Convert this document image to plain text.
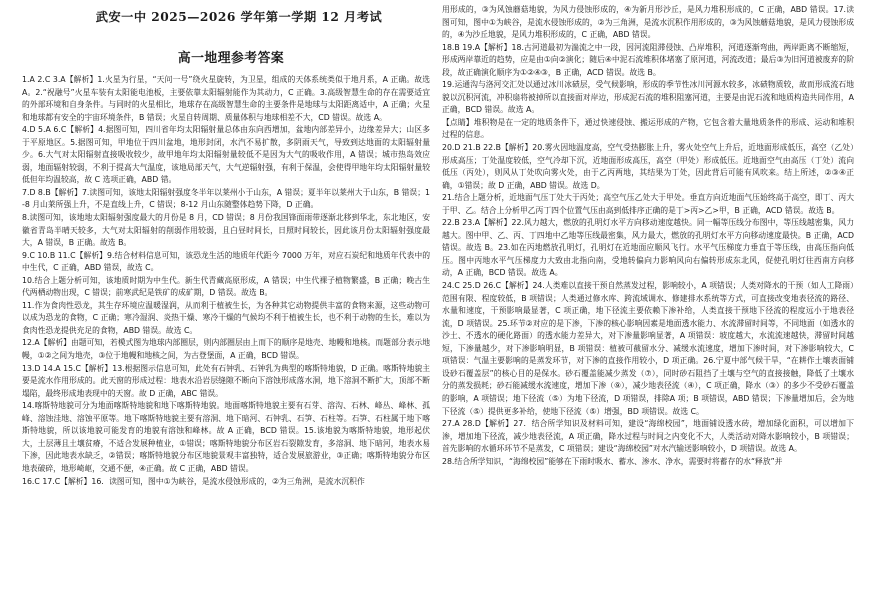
武安一中 2025—2026 学年第一学期 12 月考试
高一地理参考答案

1.A 2.C 3.A【解析】1.火星为行星，“天问一号”绕火星旋转，为卫星，组成的天体系统类似于地月系，A 正确。故选 A。2.“祝融号”火星车装有太阳能电池板，主要依靠太阳辐射能作为其动力，C 正确。3.高级智慧生命的存在需要适宜的外部环境和自身条件。与同时的火星相比，地球存在高级智慧生命的主要条件是地球与太阳距离适中，A 正确；火星和地球都有安全的宇宙环境条件，B 错误；火星自转周期、质量体积与地球相差不大，CD 错误。故选 A。

4.D 5.A 6.C【解析】4.据图可知，四川省年均太阳辐射量总体由东向西增加，盆地内部差异小，边缘差异大；山区多于平原地区。5.据图可知，甲地位于四川盆地，地形封闭，水汽不易扩散，多阴雨天气，导致到达地面的太阳辐射量少。6.大气对太阳辐射直接吸收较少，故甲地年均太阳辐射量较低不是因为大气的吸收作用，A 错误；城市热岛效应弱，地面辐射较弱，不利于提高大气温度，该地局部天气，大气逆辐射强，有利于保温，会使得甲地年均太阳辐射量较低但年均温较高，故 C 选项正确，ABD 错。

7.D 8.B【解析】7.读图可知，该地太阳辐射强度冬半年以莱州小于山东，A 错误；夏半年以莱州大于山东，B 错误；1-8 月山莱所强上升，不是直线上升，C 错误；8-12 月山东随整体趋势下降，D 正确。

8.读图可知，该地地太阳辐射强度最大的月份是 8 月，CD 错误；8 月份我国锋面雨带逐渐北移到华北，东北地区，安徽省青岛半晴天较多，大气对太阳辐射的削弱作用较弱，且白昼时间长，日照时间较长，因此该月份太阳辐射强度最大，A 错误，B 正确。故选 B。

9.C 10.B 11.C【解析】9.结合材料信息可知，该恐龙生活的地质年代距今 7000 万年，对应石炭纪和地质年代表中的中生代，C 正确，ABD 错误，故选 C。

10.结合上题分析可知，该地质时期为中生代。新生代青藏高原形成，A 错误；中生代裸子植物繁盛，B 正确；晚古生代两栖动物出现，C 错误；前寒武纪是铁矿的成矿期，D 错误。故选 B。

11.作为食肉性恐龙，其生存环境应温暖湿润，从而利于植被生长，为各种其它动物提供丰富的食物来源，这些动物可以成为恐龙的食物，C 正确；寒冷湿润、炎热干燥、寒冷干燥的气候均不利于植被生长，也不利于动物的生长，难以为食肉性恐龙提供充足的食物，ABD 错误。故选 C。

12.A【解析】由题可知，若模式图为地球内部圈层，则内部圈层由上而下的顺序是地壳、地幔和地核。而题部分表示地幔，①②之间为地壳，③位于地幔和地核之间，为古登堡面，A 正确，BCD 错误。

13.D 14.A 15.C【解析】13.根据图示信息可知，此处有石钟乳、石钟乳为典型的喀斯特地貌，D 正确。喀斯特地貌主要是流水作用形成的。此天窗的形成过程：地表水沿岩层缝隙不断向下溶蚀形成落水洞，地下溶洞不断扩大，顶部不断塌陷，最终形成地表现中的天窗。故 D 正确，ABC 错误。

14.喀斯特地貌可分为地面喀斯特地貌和地下喀斯特地貌。地面喀斯特地貌主要有石芽、溶沟、石林、峰丛、峰林、孤峰、溶蚀洼地、溶蚀平原等。地下喀斯特地貌主要有溶洞、地下暗河、石钟乳、石笋、石柱等。石笋、石柱属于地下喀斯特地貌，所以该地貌可能发育的地貌有溶蚀和峰林。故 A 正确，BCD 错误。15.该地貌为喀斯特地貌，地形起伏大，土层薄且土壤贫瘠，不适合发展种植业，①错误；喀斯特地貌分布区岩石裂隙发育，多溶洞、地下暗河，地表水易下渗，因此地表水缺乏，②错误；喀斯特地貌分布区地貌景观丰富独特，适合发展旅游业，③正确；喀斯特地貌分布区地表破碎，地形崎岖，交通不便，④正确。故 C 正确，ABD 错误。

16.C 17.C【解析】16．读图可知，图中①为峡谷，是流水侵蚀形成的，②为三角洲，是流水沉积作

用形成的，③为风蚀蘑菇地貌，为风力侵蚀形成的，④为新月形沙丘，是风力堆积形成的，C 正确，ABD 错误。17.读图可知，图中①为峡谷，是流水侵蚀形成的，②为三角洲，是流水沉积作用形成的，③为风蚀蘑菇地貌，是风力侵蚀形成的，④为沙丘地貌，是风力堆积形成的，C 正确，ABD 错误。

18.B 19.A【解析】18.古河道最初为湍流之中一段，因河流阻滞侵蚀、凸岸堆积，河道逐渐弯曲，两岸距离不断缩短，形成两岸靠近的趋势，应是由①向②演化；随后④中泥石流堆积体堵塞了原河道，河流改道；最后③为旧河道被废弃的阶段，故正确演化顺序为①②④③，B 正确，ACD 错误。故选 B。

19.运通沟与洛河交汇处以通过冰川冰碛层，受气候影响，形成的季节性冰川河源水较多，冰碛物质较，故而形成流石地貌以沉积河流，冲积扇将被掉所以直接面对岸边，形成泥石流的堆积阻塞河道，主要是由泥石流和地质构造共同作用，A 正确，BCD 错误。故选 A。

【点睛】堆积物是在一定的地质条件下，通过快速侵蚀、搬运形成的产物，它包含着大量地质条件的形成、运动和堆积过程的信息。

20.D 21.B 22.B【解析】20.雾火因地温度高，空气受热膨胀上升，雾火处空气上升后，近地面形成低压，高空（乙处）形成高压；丁处温度较低，空气冷却下沉，近地面形成高压，高空（甲处）形成低压。近地面空气由高压（丁处）流向低压（丙处），则风从丁处吹向雾火处，由于乙丙两地，其结果为丁处，因此背后可能有风吹来。结上所述，②③④正确，①错误；故 D 正确，ABD 错误。故选 D。

21.结合上题分析，近地面气压丁处大于丙处；高空气压乙处大于甲处。垂直方向近地面气压始终高于高空，即丁、丙大于甲、乙。结合上分析甲乙丙丁四个位置气压由高到低排序正确的是丁>丙>乙>甲，B 正确，ACD 错误。故选 B。

22.B 23.A【解析】22.风力越大，燃放的孔明灯水平方向移动速度越快。同一幅等压线分布图中，等压线越密集，风力越大。图中甲、乙、丙、丁四地中乙地等压线最密集，风力最大，燃放的孔明灯水平方向移动速度最快。B 正确，ACD 错误。故选 B。23.如在丙地燃放孔明灯，孔明灯在近地面应顺风飞行。水平气压梯度力垂直于等压线，由高压指向低压。图中丙地水平气压梯度力大致由北指向南，受地转偏向力影响风向右偏转形成东北风，促使孔明灯往西南方向移动，A 正确，BCD 错误。故选 A。

24.C 25.D 26.C【解析】24.人类难以直接干预自然蒸发过程，影响较小，A 项错误；人类对降水的干预（如人工降雨）范围有限、程度较低，B 项错误；人类通过修水库、跨流域调水、修建排水系统等方式，可直接改变地表径流的路径、水量和速度，干预影响最显著，C 项正确，地下径流主要依赖下渗补给，人类直接干预地下径流的程度远小于地表径流，D 项错误。25.环节②对应的是下渗，下渗的核心影响因素是地面透水能力、水流滞留时间等，不同地面（如透水的沙土、不透水的硬化路面）的透水能力差异大，对下渗量影响显著，A 项错误：坡度越大，水流流速越快，滞留时间越短，下渗量越少，对下渗影响明显，B 项错误：植被可截留水分、减缓水流速度，增加下渗时间，对下渗影响较大，C 项错误：气温主要影响的是蒸发环节，对下渗的直接作用较小，D 项正确。26.宁夏中部气候干旱，“在耕作土壤表面铺设砂石覆盖层”的核心目的是保水。砂石覆盖能减少蒸发（⑦），同时砂石阻挡了土壤与空气的直接接触，降低了土壤水分的蒸发损耗；砂石能减缓水流速度，增加下渗（⑨），减少地表径流（④），C 项正确，降水（③）的多少不受砂石覆盖的影响，A 项错误；地下径流（⑤）为地下径流，D 项错误，排除A 项；B 项错误，ABD 错误；下渗量增加后，会为地下径流（⑤）提供更多补给，使地下径流（⑤）增强，BD 项错误。故选 C。

27.A 28.D【解析】27．结合所学知识及材料可知，建设“海绵校园”，地面铺设透水砖，增加绿化面积，可以增加下渗，增加地下径流，减少地表径流，A 项正确，降水过程与时间之内变化不大，人类活动对降水影响较小，B 项错误；首先影响的水循环环节不是蒸发，C 项错误；建设“海绵校园”对水汽输送影响较小，D 项错误。故选 A。

28.结合所学知识，“海绵校园”能够在下雨时吸水、蓄水、渗水、净水，需要时将蓄存的水“释放”并
